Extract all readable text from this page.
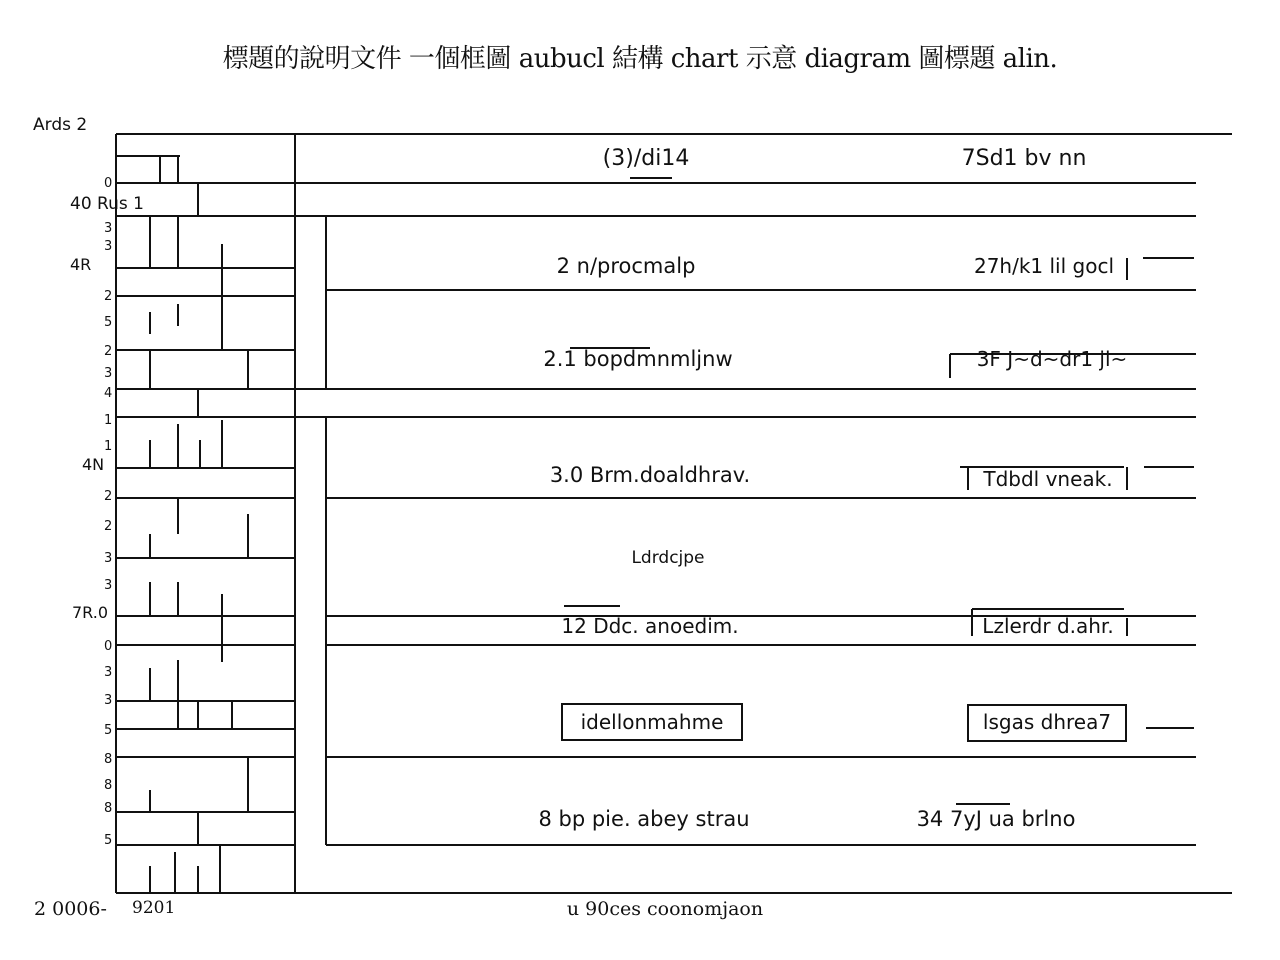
Ards 2
40 Rus 1
0
3
3
4R
2
5
2
3
4
1
1
4N
2
2
3
3
7R.0
0
3
3
5
8
8
8
5
(3)/di14	7Sd1 bv nn
2 n/procmalp	27h/k1 lil gocl
2.1 bopdmnmljnw	3F J~d~dr1 jl~
3.0 Brm.doaldhrav.	Tdbdl vneak.
Ldrdcjpe
12 Ddc. anoedim.	Lzlerdr d.ahr.
idellonmahme	lsgas dhrea7
8 bp pie. abey strau	34 7yJ ua brlno
標題的說明文件 一個框圖 aubucl 結構 chart 示意 diagram 圖標題 alin.
2 0006- 9201	u 90ces coonomjaon
